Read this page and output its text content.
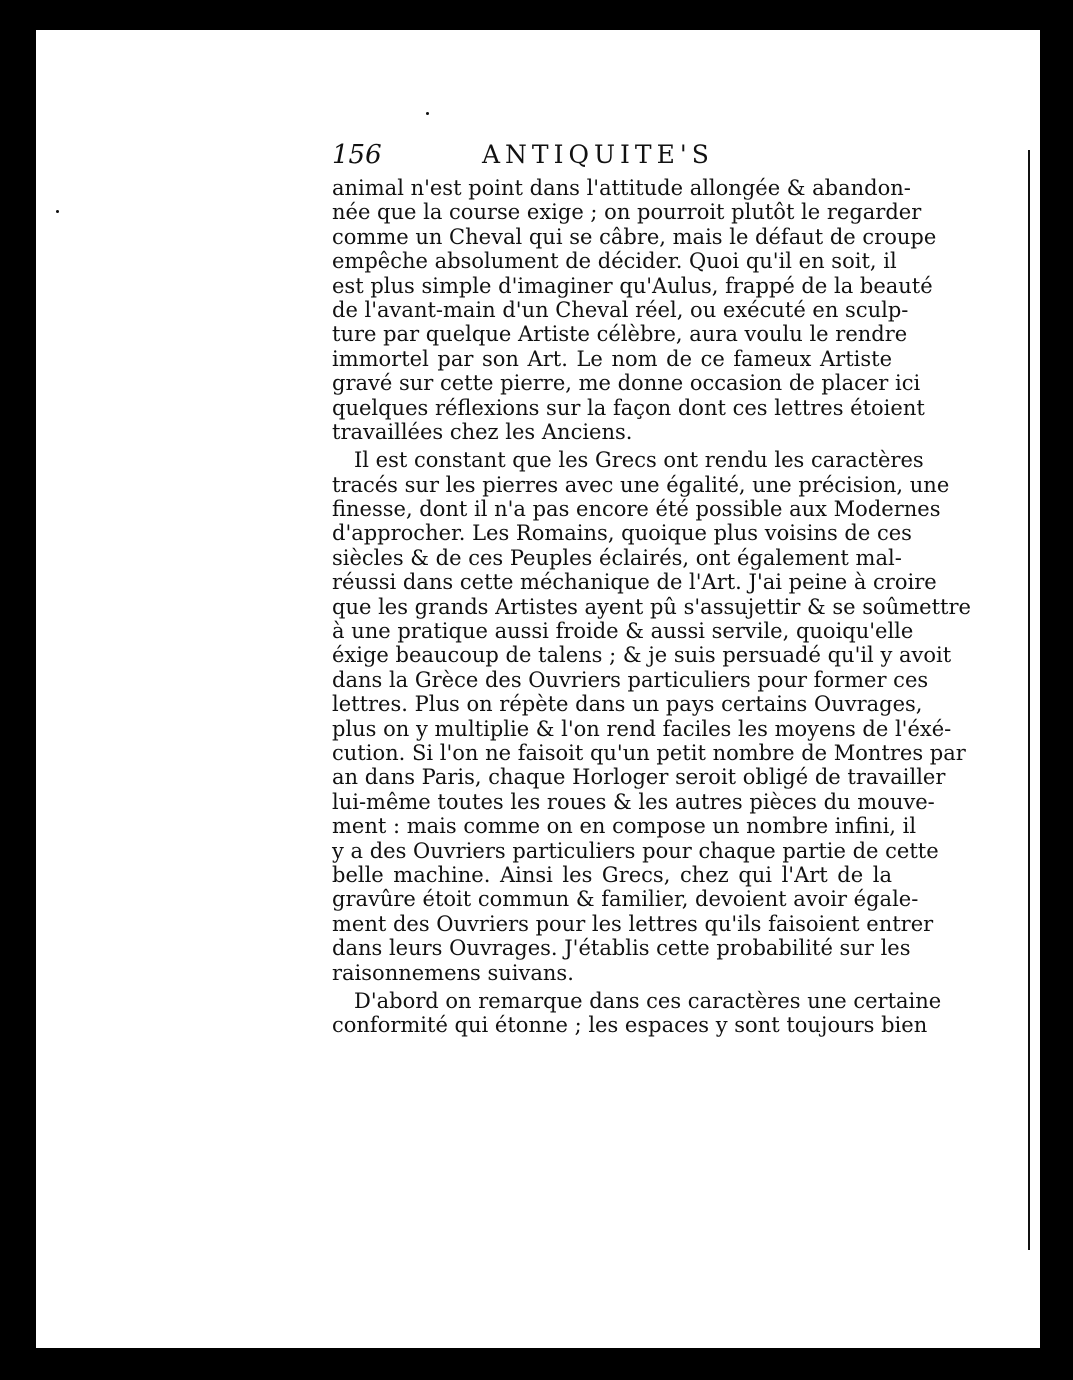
156	ANTIQUITE'S
animal n'est point dans l'attitude allongée & abandon-
née que la course exige ; on pourroit plutôt le regarder
comme un Cheval qui se câbre, mais le défaut de croupe
empêche absolument de décider. Quoi qu'il en soit, il
est plus simple d'imaginer qu'Aulus, frappé de la beauté
de l'avant-main d'un Cheval réel, ou exécuté en sculp-
ture par quelque Artiste célèbre, aura voulu le rendre
immortel par son Art. Le nom de ce fameux Artiste
gravé sur cette pierre, me donne occasion de placer ici
quelques réflexions sur la façon dont ces lettres étoient
travaillées chez les Anciens.
Il est constant que les Grecs ont rendu les caractères
tracés sur les pierres avec une égalité, une précision, une
finesse, dont il n'a pas encore été possible aux Modernes
d'approcher. Les Romains, quoique plus voisins de ces
siècles & de ces Peuples éclairés, ont également mal-
réussi dans cette méchanique de l'Art. J'ai peine à croire
que les grands Artistes ayent pû s'assujettir & se soûmettre
à une pratique aussi froide & aussi servile, quoiqu'elle
éxige beaucoup de talens ; & je suis persuadé qu'il y avoit
dans la Grèce des Ouvriers particuliers pour former ces
lettres. Plus on répète dans un pays certains Ouvrages,
plus on y multiplie & l'on rend faciles les moyens de l'éxé-
cution. Si l'on ne faisoit qu'un petit nombre de Montres par
an dans Paris, chaque Horloger seroit obligé de travailler
lui-même toutes les roues & les autres pièces du mouve-
ment : mais comme on en compose un nombre infini, il
y a des Ouvriers particuliers pour chaque partie de cette
belle machine. Ainsi les Grecs, chez qui l'Art de la
gravûre étoit commun & familier, devoient avoir égale-
ment des Ouvriers pour les lettres qu'ils faisoient entrer
dans leurs Ouvrages. J'établis cette probabilité sur les
raisonnemens suivans.
D'abord on remarque dans ces caractères une certaine
conformité qui étonne ; les espaces y sont toujours bien
